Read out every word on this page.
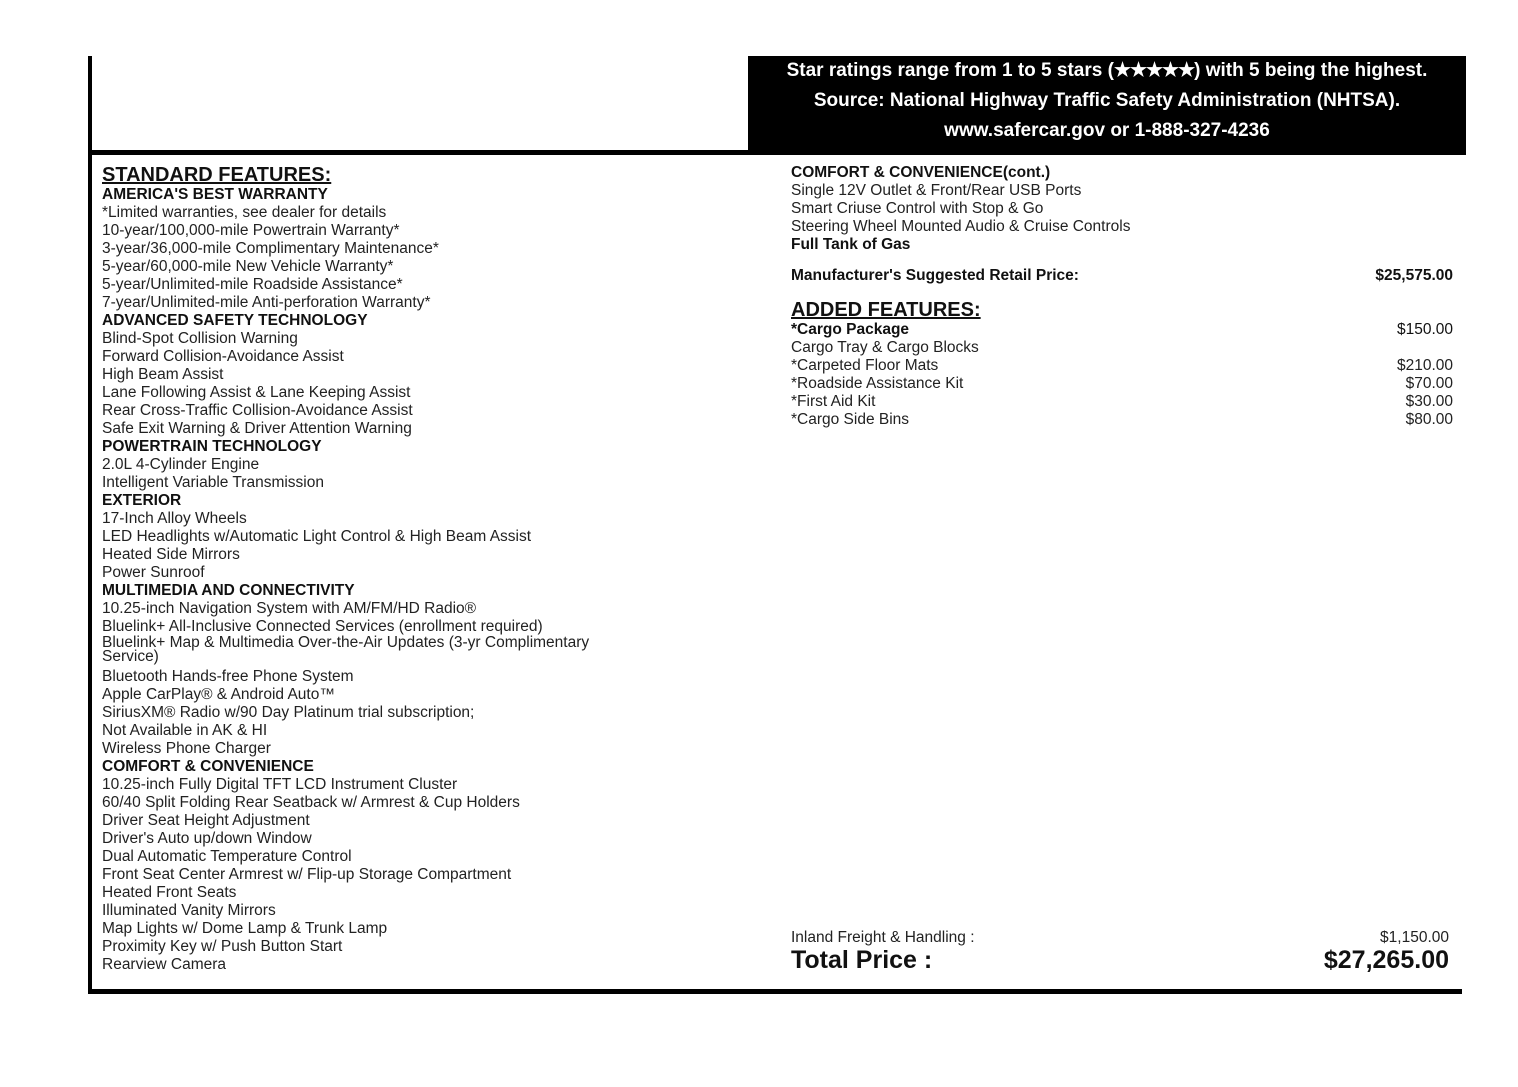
Star ratings range from 1 to 5 stars (★★★★★) with 5 being the highest.
Source: National Highway Traffic Safety Administration (NHTSA).
www.safercar.gov or 1-888-327-4236
STANDARD FEATURES:
AMERICA'S BEST WARRANTY
*Limited warranties, see dealer for details
10-year/100,000-mile Powertrain Warranty*
3-year/36,000-mile Complimentary Maintenance*
5-year/60,000-mile New Vehicle Warranty*
5-year/Unlimited-mile Roadside Assistance*
7-year/Unlimited-mile Anti-perforation Warranty*
ADVANCED SAFETY TECHNOLOGY
Blind-Spot Collision Warning
Forward Collision-Avoidance Assist
High Beam Assist
Lane Following Assist & Lane Keeping Assist
Rear Cross-Traffic Collision-Avoidance Assist
Safe Exit Warning & Driver Attention Warning
POWERTRAIN TECHNOLOGY
2.0L 4-Cylinder Engine
Intelligent Variable Transmission
EXTERIOR
17-Inch Alloy Wheels
LED Headlights w/Automatic Light Control & High Beam Assist
Heated Side Mirrors
Power Sunroof
MULTIMEDIA AND CONNECTIVITY
10.25-inch Navigation System with AM/FM/HD Radio®
Bluelink+ All-Inclusive Connected Services (enrollment required)
Bluelink+ Map & Multimedia Over-the-Air Updates (3-yr Complimentary Service)
Bluetooth Hands-free Phone System
Apple CarPlay® & Android Auto™
SiriusXM® Radio w/90 Day Platinum trial subscription;
Not Available in AK & HI
Wireless Phone Charger
COMFORT & CONVENIENCE
10.25-inch Fully Digital TFT LCD Instrument Cluster
60/40 Split Folding Rear Seatback w/ Armrest & Cup Holders
Driver Seat Height Adjustment
Driver's Auto up/down Window
Dual Automatic Temperature Control
Front Seat Center Armrest w/ Flip-up Storage Compartment
Heated Front Seats
Illuminated Vanity Mirrors
Map Lights w/ Dome Lamp & Trunk Lamp
Proximity Key w/ Push Button Start
Rearview Camera
COMFORT & CONVENIENCE(cont.)
Single 12V Outlet & Front/Rear USB Ports
Smart Criuse Control with Stop & Go
Steering Wheel Mounted Audio & Cruise Controls
Full Tank of Gas
Manufacturer's Suggested Retail Price:	$25,575.00
ADDED FEATURES:
*Cargo Package	$150.00
Cargo Tray & Cargo Blocks
*Carpeted Floor Mats	$210.00
*Roadside Assistance Kit	$70.00
*First Aid Kit	$30.00
*Cargo Side Bins	$80.00
Inland Freight & Handling :	$1,150.00
Total Price :	$27,265.00
